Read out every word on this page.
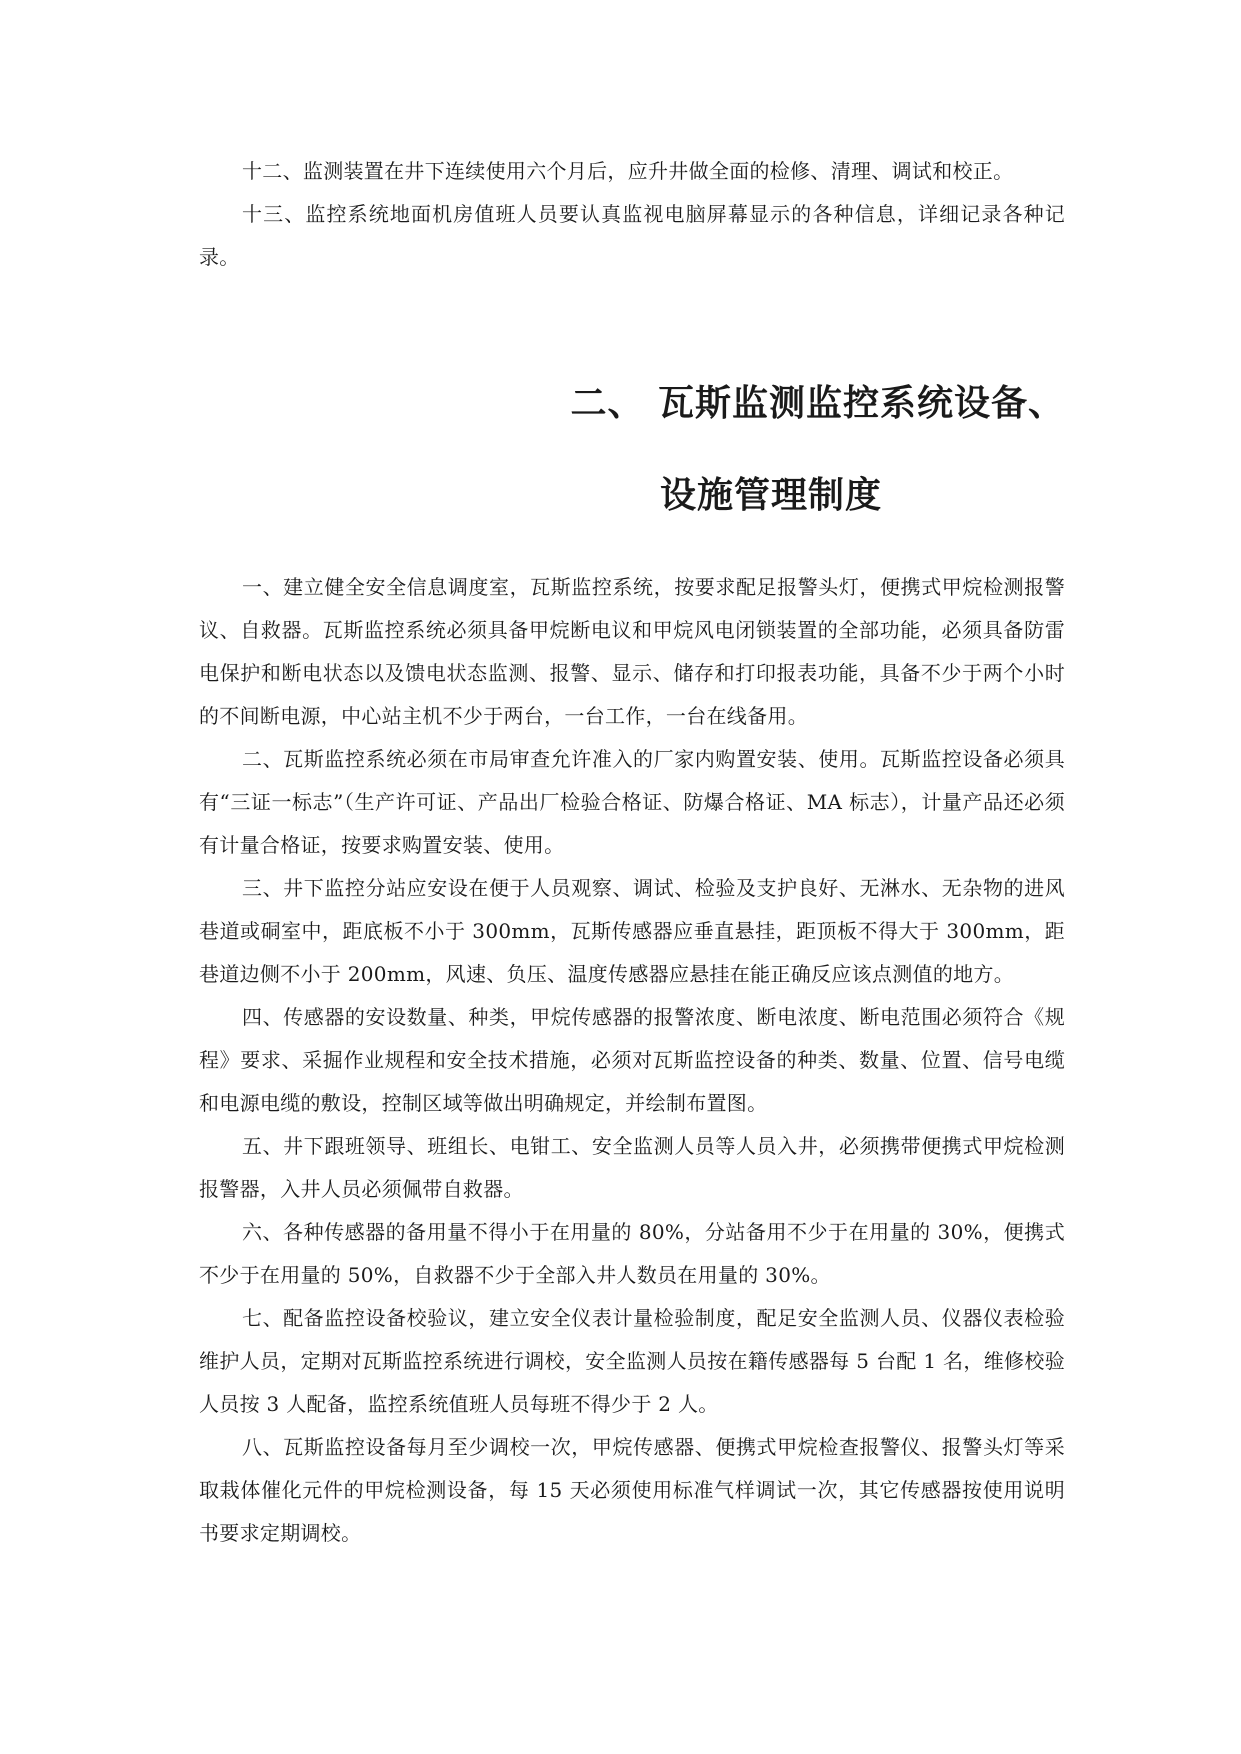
十二、监测装置在井下连续使用六个月后，应升井做全面的检修、清理、调试和校正。

十三、监控系统地面机房值班人员要认真监视电脑屏幕显示的各种信息，详细记录各种记录。

二、 瓦斯监测监控系统设备、
设施管理制度

一、建立健全安全信息调度室，瓦斯监控系统，按要求配足报警头灯，便携式甲烷检测报警议、自救器。瓦斯监控系统必须具备甲烷断电议和甲烷风电闭锁装置的全部功能，必须具备防雷电保护和断电状态以及馈电状态监测、报警、显示、储存和打印报表功能，具备不少于两个小时的不间断电源，中心站主机不少于两台，一台工作，一台在线备用。

二、瓦斯监控系统必须在市局审查允许准入的厂家内购置安装、使用。瓦斯监控设备必须具有“三证一标志”（生产许可证、产品出厂检验合格证、防爆合格证、MA 标志），计量产品还必须有计量合格证，按要求购置安装、使用。

三、井下监控分站应安设在便于人员观察、调试、检验及支护良好、无淋水、无杂物的进风巷道或硐室中，距底板不小于 300mm，瓦斯传感器应垂直悬挂，距顶板不得大于 300mm，距巷道边侧不小于 200mm，风速、负压、温度传感器应悬挂在能正确反应该点测值的地方。

四、传感器的安设数量、种类，甲烷传感器的报警浓度、断电浓度、断电范围必须符合《规程》要求、采掘作业规程和安全技术措施，必须对瓦斯监控设备的种类、数量、位置、信号电缆和电源电缆的敷设，控制区域等做出明确规定，并绘制布置图。

五、井下跟班领导、班组长、电钳工、安全监测人员等人员入井，必须携带便携式甲烷检测报警器，入井人员必须佩带自救器。

六、各种传感器的备用量不得小于在用量的 80%，分站备用不少于在用量的 30%，便携式不少于在用量的 50%，自救器不少于全部入井人数员在用量的 30%。

七、配备监控设备校验议，建立安全仪表计量检验制度，配足安全监测人员、仪器仪表检验维护人员，定期对瓦斯监控系统进行调校，安全监测人员按在籍传感器每 5 台配 1 名，维修校验人员按 3 人配备，监控系统值班人员每班不得少于 2 人。

八、瓦斯监控设备每月至少调校一次，甲烷传感器、便携式甲烷检查报警仪、报警头灯等采取栽体催化元件的甲烷检测设备，每 15 天必须使用标准气样调试一次，其它传感器按使用说明书要求定期调校。
